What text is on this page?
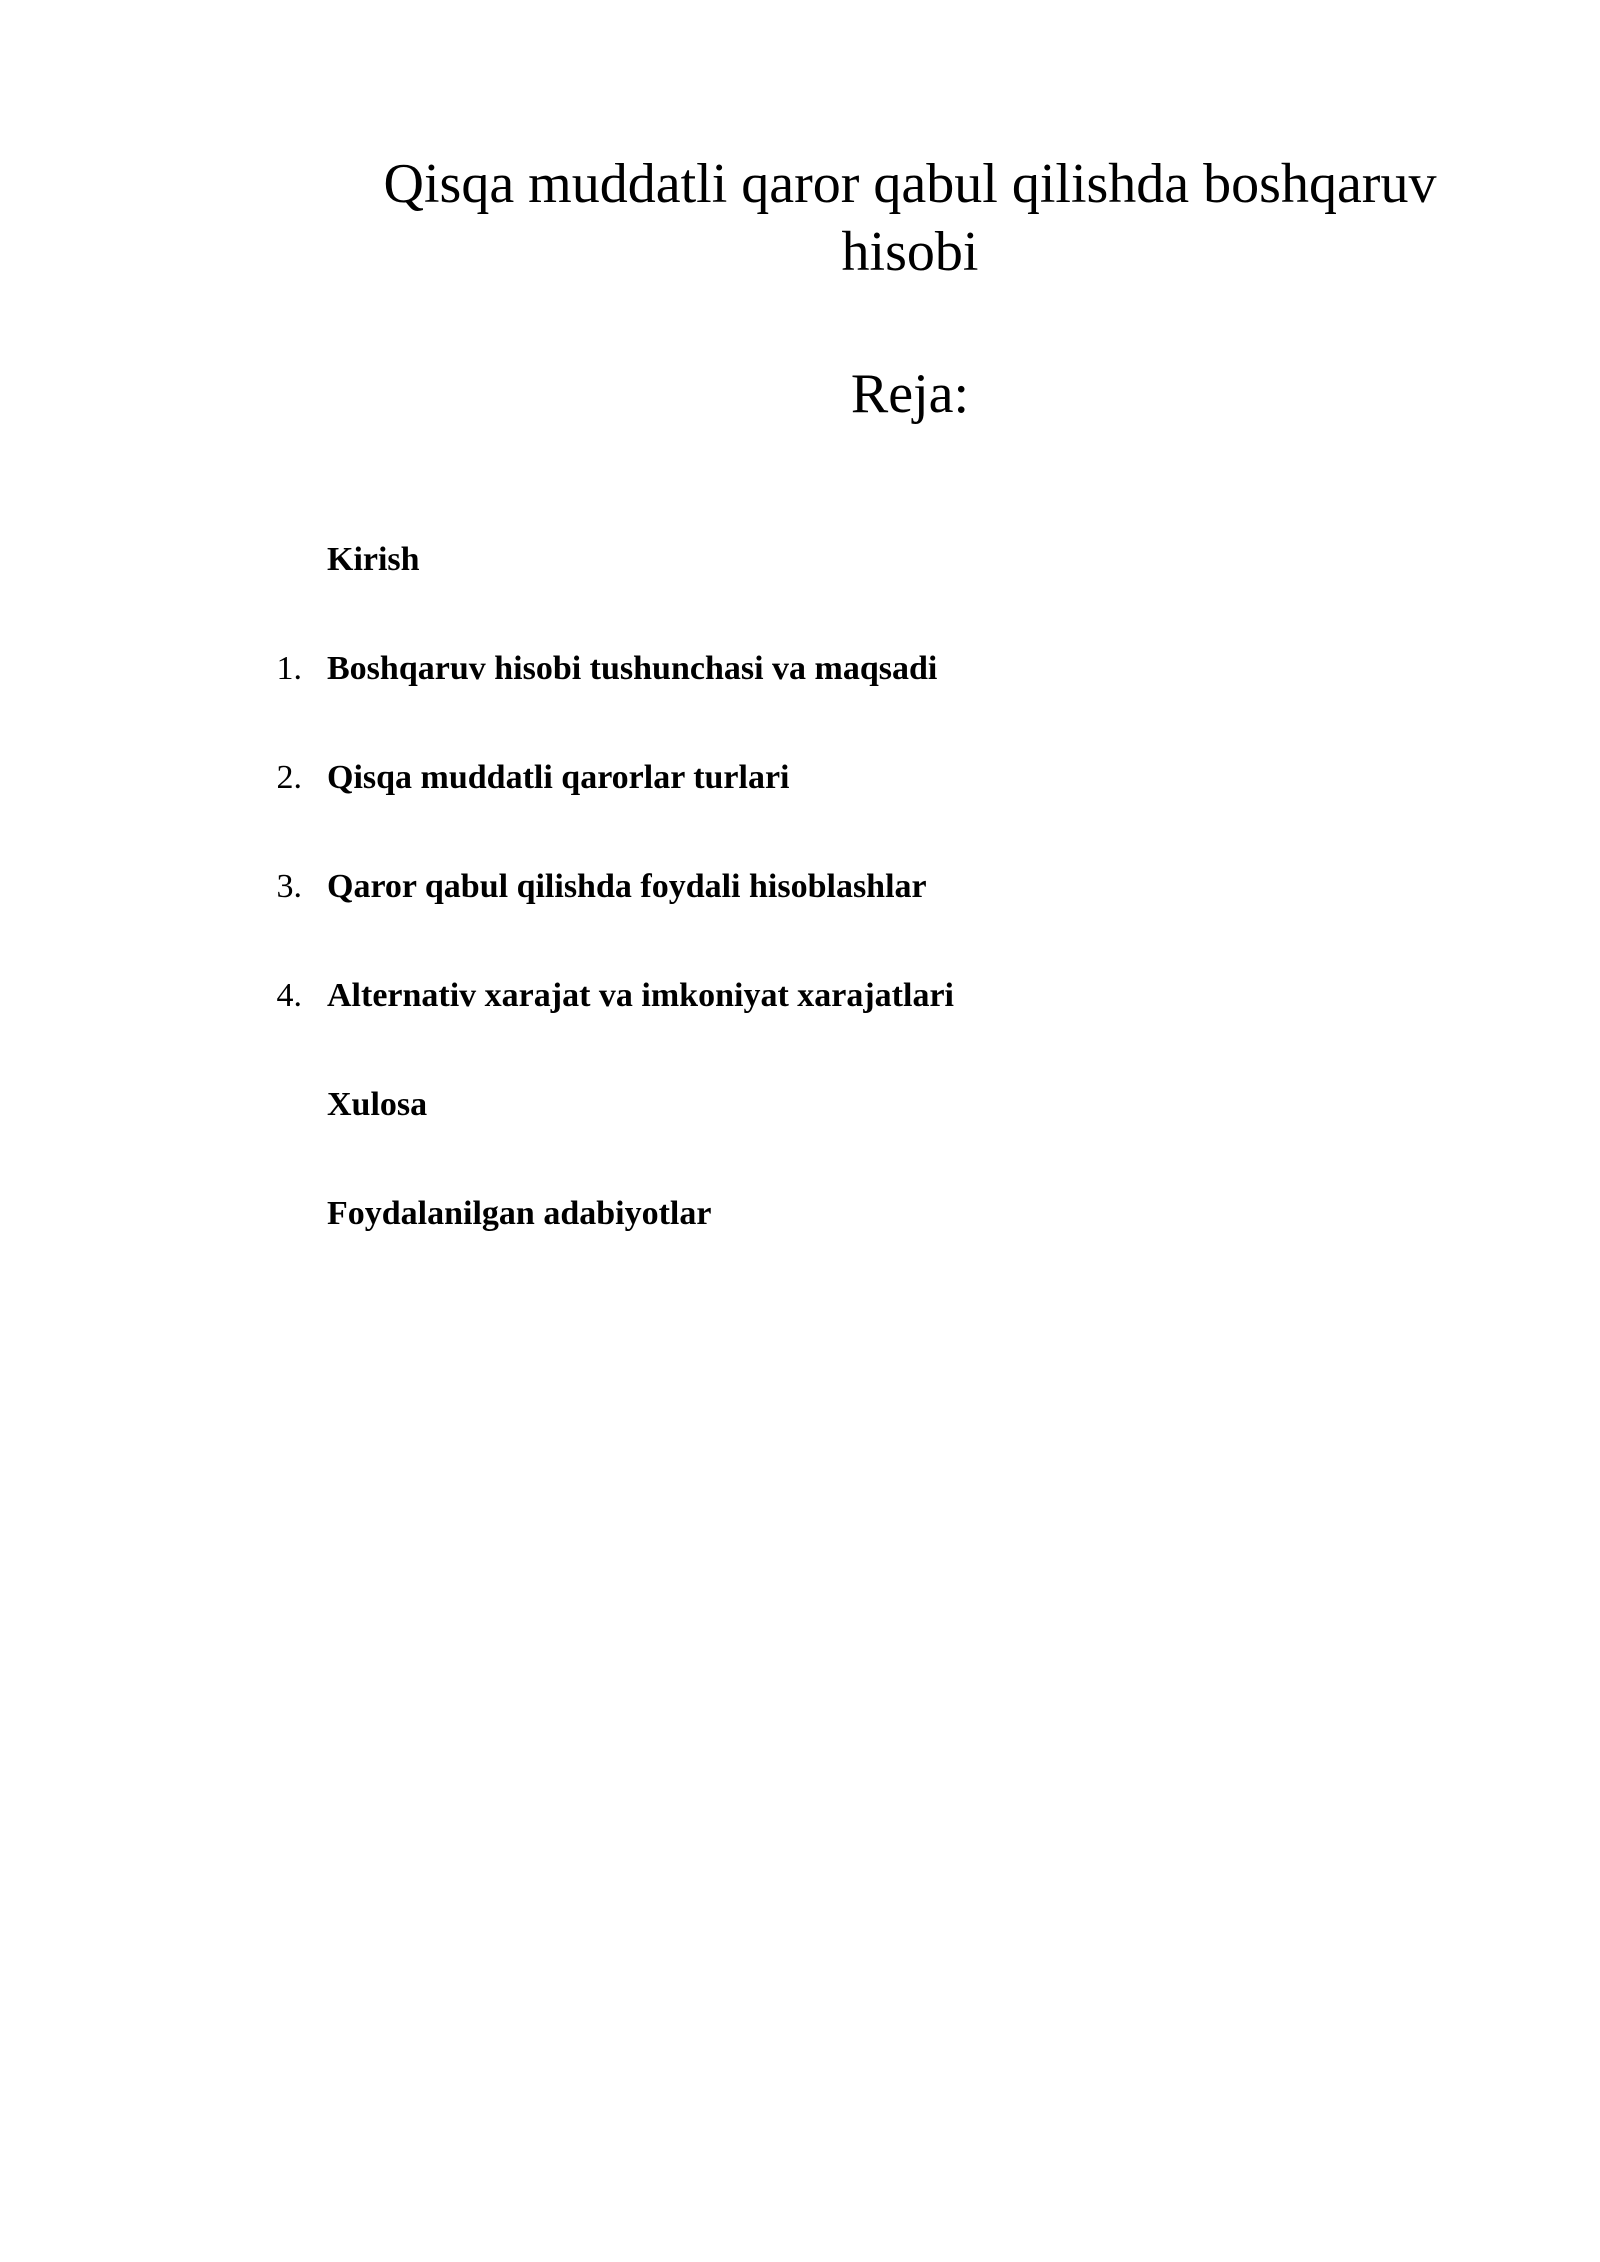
Qisqa muddatli qaror qabul qilishda boshqaruv hisobi
Reja:
Kirish
1. Boshqaruv hisobi tushunchasi va maqsadi
2. Qisqa muddatli qarorlar turlari
3. Qaror qabul qilishda foydali hisoblashlar
4. Alternativ xarajat va imkoniyat xarajatlari
Xulosa
Foydalanilgan adabiyotlar
